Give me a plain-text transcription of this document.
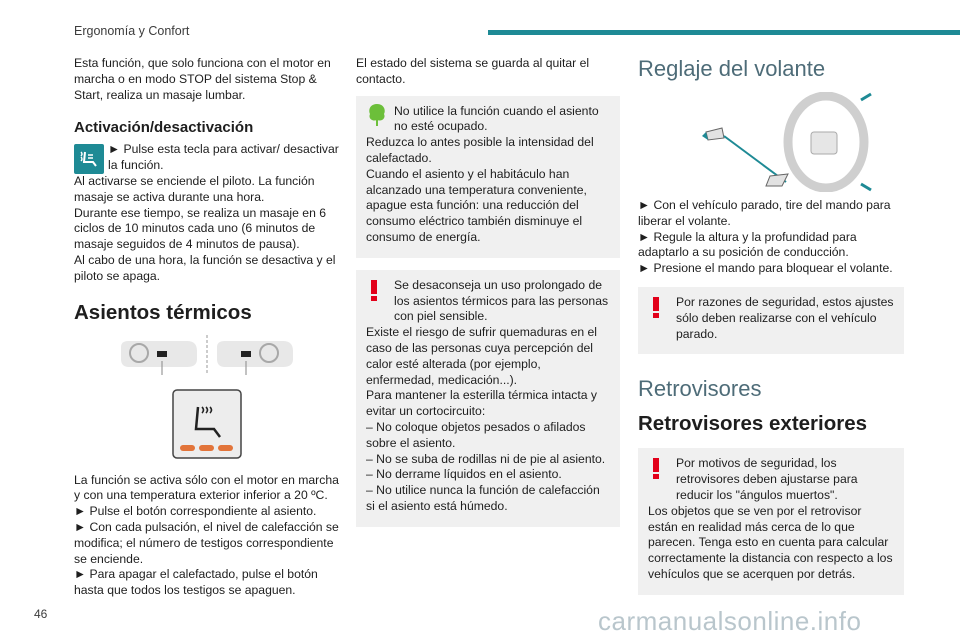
Ergonomía y Confort

Esta función, que solo funciona con el motor en marcha o en modo STOP del sistema Stop & Start, realiza un masaje lumbar.

Activación/desactivación

► Pulse esta tecla para activar/ desactivar la función.

Al activarse se enciende el piloto. La función masaje se activa durante una hora.

Durante ese tiempo, se realiza un masaje en 6 ciclos de 10 minutos cada uno (6 minutos de masaje seguidos de 4 minutos de pausa).

Al cabo de una hora, la función se desactiva y el piloto se apaga.

Asientos térmicos

La función se activa sólo con el motor en marcha y con una temperatura exterior inferior a 20 ºC.

► Pulse el botón correspondiente al asiento.

► Con cada pulsación, el nivel de calefacción se modifica; el número de testigos correspondiente se enciende.

► Para apagar el calefactado, pulse el botón hasta que todos los testigos se apaguen.

El estado del sistema se guarda al quitar el contacto.

No utilice la función cuando el asiento no esté ocupado.

Reduzca lo antes posible la intensidad del calefactado.

Cuando el asiento y el habitáculo han alcanzado una temperatura conveniente, apague esta función: una reducción del consumo eléctrico también disminuye el consumo de energía.

Se desaconseja un uso prolongado de los asientos térmicos para las personas con piel sensible.

Existe el riesgo de sufrir quemaduras en el caso de las personas cuya percepción del calor esté alterada (por ejemplo, enfermedad, medicación...).

Para mantener la esterilla térmica intacta y evitar un cortocircuito:

– No coloque objetos pesados o afilados sobre el asiento.

– No se suba de rodillas ni de pie al asiento.

– No derrame líquidos en el asiento.

– No utilice nunca la función de calefacción si el asiento está húmedo.

Reglaje del volante

► Con el vehículo parado, tire del mando para liberar el volante.

► Regule la altura y la profundidad para adaptarlo a su posición de conducción.

► Presione el mando para bloquear el volante.

Por razones de seguridad, estos ajustes sólo deben realizarse con el vehículo parado.

Retrovisores
Retrovisores exteriores

Por motivos de seguridad, los retrovisores deben ajustarse para reducir los "ángulos muertos".

Los objetos que se ven por el retrovisor están en realidad más cerca de lo que parecen. Tenga esto en cuenta para calcular correctamente la distancia con respecto a los vehículos que se acerquen por detrás.

46	carmanualsonline.info
